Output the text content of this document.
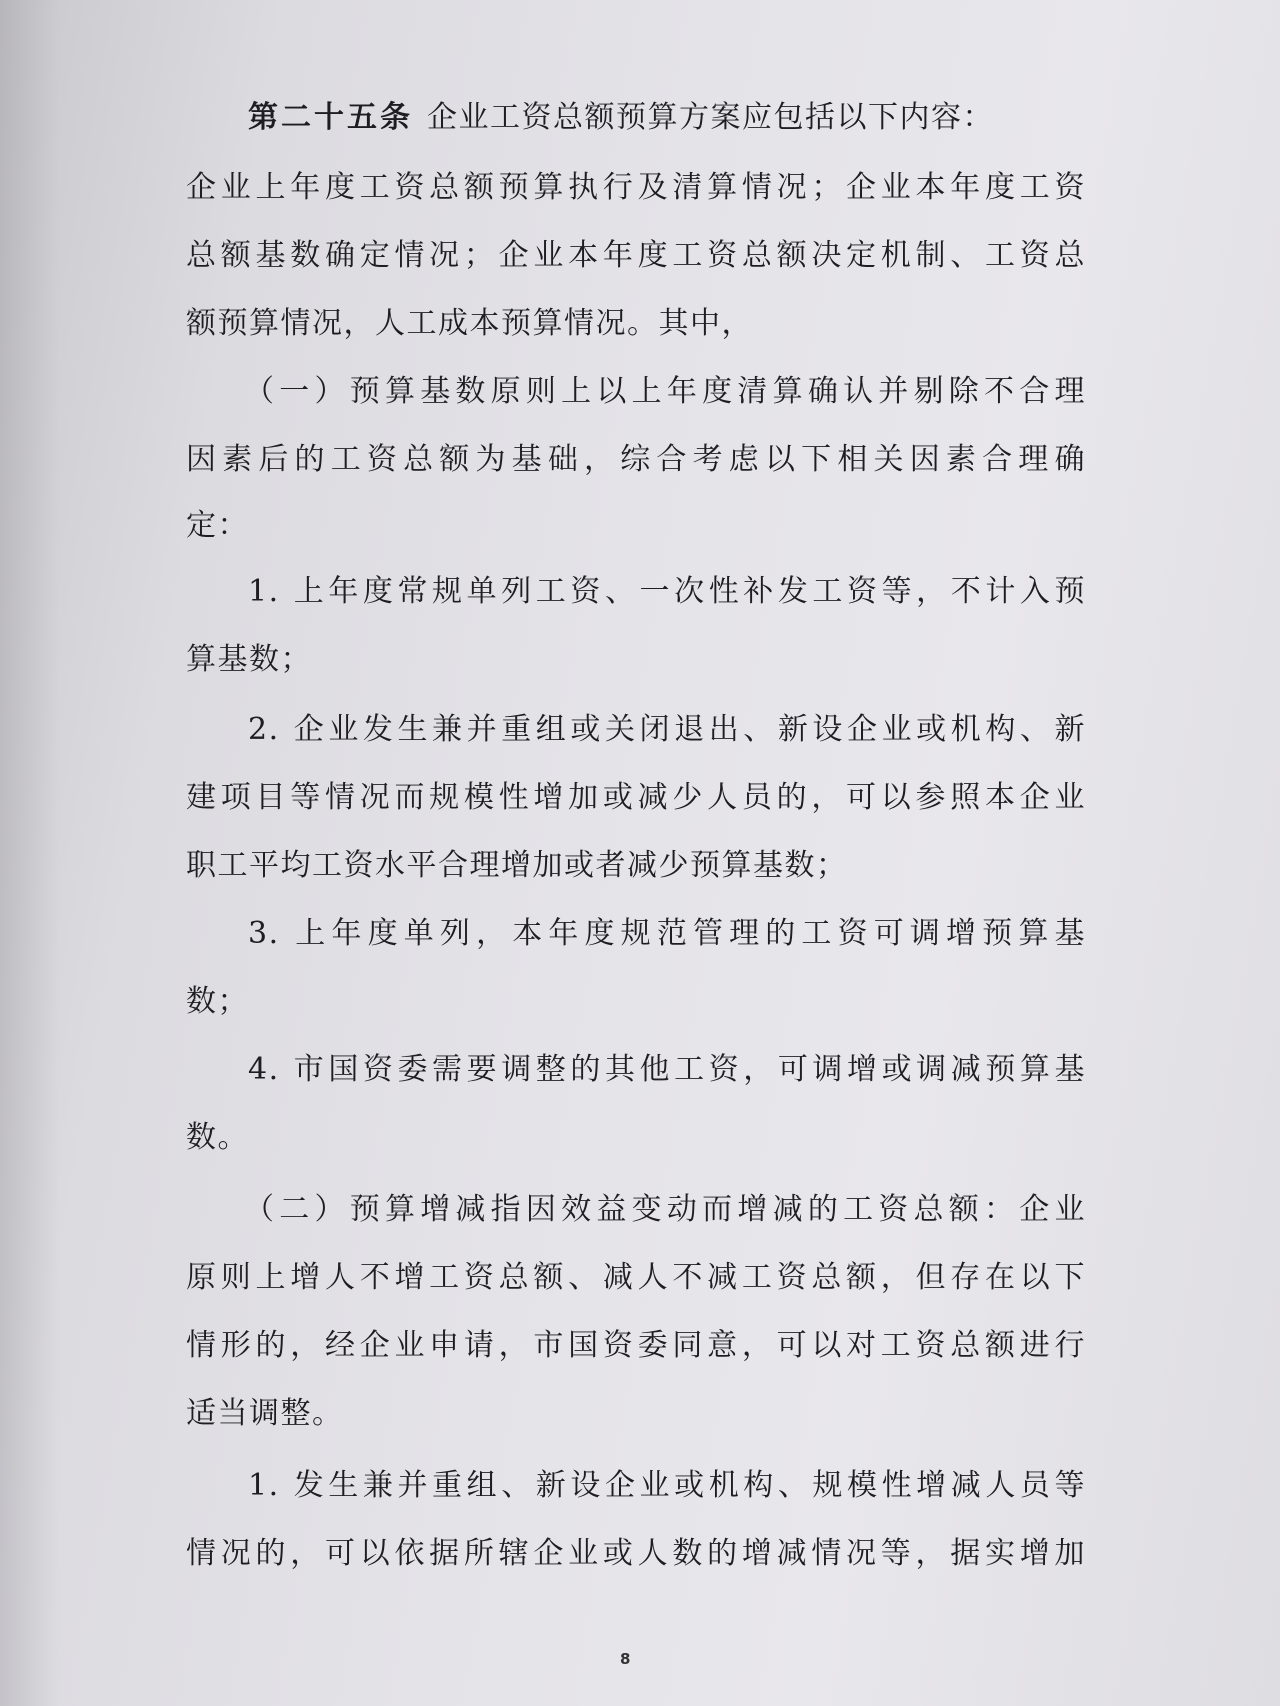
第二十五条 企业工资总额预算方案应包括以下内容：
企业上年度工资总额预算执行及清算情况；企业本年度工资
总额基数确定情况；企业本年度工资总额决定机制、工资总
额预算情况，人工成本预算情况。其中，
（一）预算基数原则上以上年度清算确认并剔除不合理
因素后的工资总额为基础，综合考虑以下相关因素合理确
定：
1. 上年度常规单列工资、一次性补发工资等，不计入预
算基数；
2. 企业发生兼并重组或关闭退出、新设企业或机构、新
建项目等情况而规模性增加或减少人员的，可以参照本企业
职工平均工资水平合理增加或者减少预算基数；
3. 上年度单列，本年度规范管理的工资可调增预算基
数；
4. 市国资委需要调整的其他工资，可调增或调减预算基
数。
（二）预算增减指因效益变动而增减的工资总额：企业
原则上增人不增工资总额、减人不减工资总额，但存在以下
情形的，经企业申请，市国资委同意，可以对工资总额进行
适当调整。
1. 发生兼并重组、新设企业或机构、规模性增减人员等
情况的，可以依据所辖企业或人数的增减情况等，据实增加
8
